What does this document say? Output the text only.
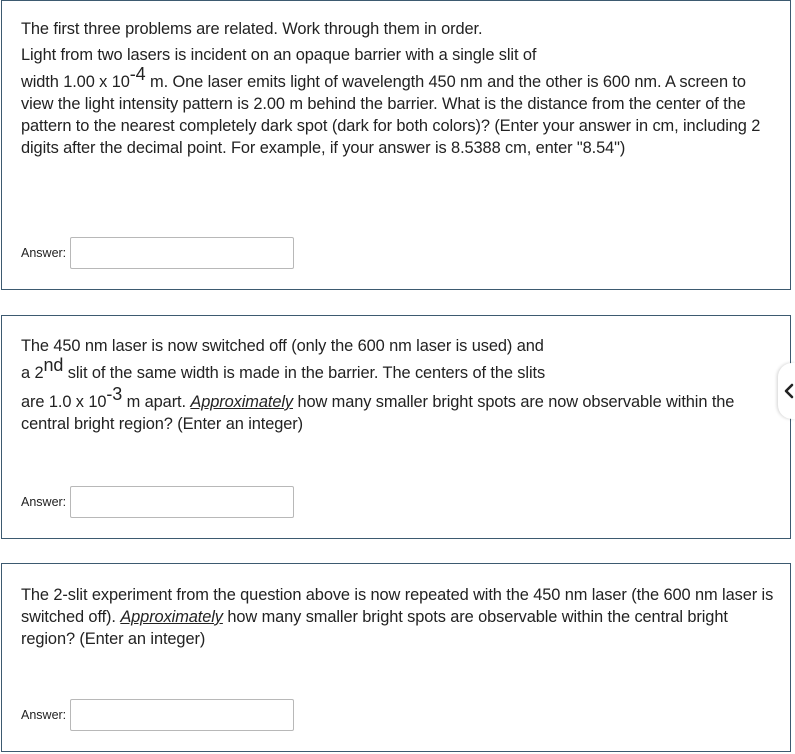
The first three problems are related. Work through them in order.

Light from two lasers is incident on an opaque barrier with a single slit of

width 1.00 x $10^{-4}$ m. One laser emits light of wavelength 450 nm and the other is 600 nm. A screen to view the light intensity pattern is 2.00 m behind the barrier. What is the distance from the center of the pattern to the nearest completely dark spot (dark for both colors)? (Enter your answer in cm, including 2 digits after the decimal point. For example, if your answer is 8.5388 cm, enter "8.54")

Answer:

The 450 nm laser is now switched off (only the 600 nm laser is used) and

a 2nd slit of the same width is made in the barrier. The centers of the slits

are 1.0 x $10^{-3}$ m apart. Approximately how many smaller bright spots are now observable within the central bright region? (Enter an integer)

Answer:

The 2-slit experiment from the question above is now repeated with the 450 nm laser (the 600 nm laser is switched off). Approximately how many smaller bright spots are observable within the central bright region? (Enter an integer)

Answer:
